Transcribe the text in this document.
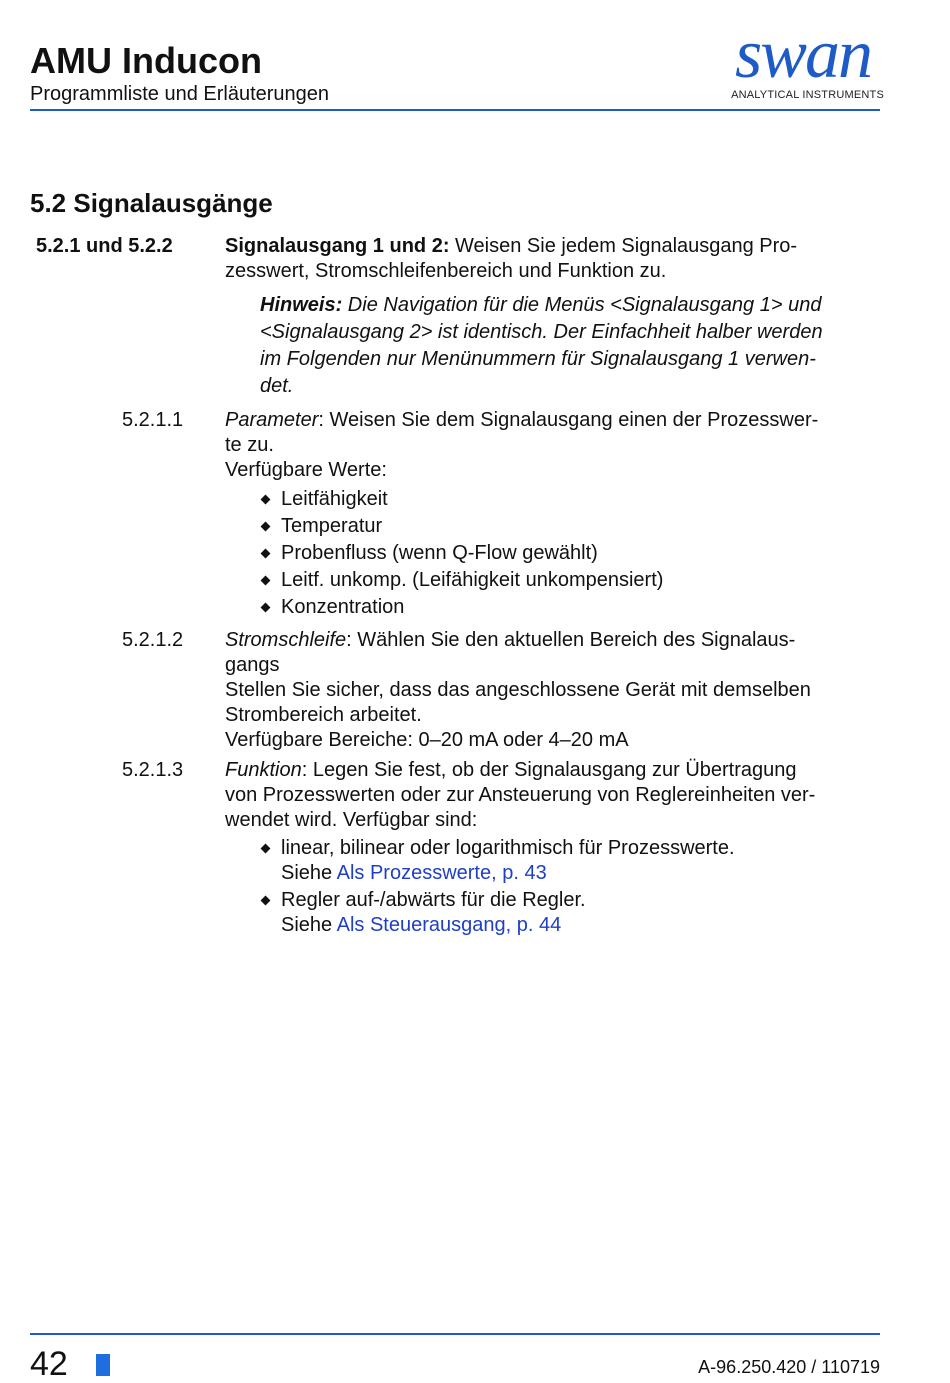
AMU Inducon
Programmliste und Erläuterungen
swan
ANALYTICAL INSTRUMENTS
5.2 Signalausgänge
5.2.1 und 5.2.2	Signalausgang 1 und 2: Weisen Sie jedem Signalausgang Pro-
zesswert, Stromschleifenbereich und Funktion zu.
Hinweis: Die Navigation für die Menüs <Signalausgang 1> und
<Signalausgang 2> ist identisch. Der Einfachheit halber werden
im Folgenden nur Menünummern für Signalausgang 1 verwen-
det.
5.2.1.1 Parameter: Weisen Sie dem Signalausgang einen der Prozesswer-
te zu.
Verfügbare Werte:
Leitfähigkeit
Temperatur
Probenfluss (wenn Q-Flow gewählt)
Leitf. unkomp. (Leifähigkeit unkompensiert)
Konzentration
5.2.1.2 Stromschleife: Wählen Sie den aktuellen Bereich des Signalaus-
gangs
Stellen Sie sicher, dass das angeschlossene Gerät mit demselben
Strombereich arbeitet.
Verfügbare Bereiche: 0–20 mA oder 4–20 mA
5.2.1.3 Funktion: Legen Sie fest, ob der Signalausgang zur Übertragung
von Prozesswerten oder zur Ansteuerung von Reglereinheiten ver-
wendet wird. Verfügbar sind:
linear, bilinear oder logarithmisch für Prozesswerte.
Siehe Als Prozesswerte, p. 43
Regler auf-/abwärts für die Regler.
Siehe Als Steuerausgang, p. 44
42	A-96.250.420 / 110719
